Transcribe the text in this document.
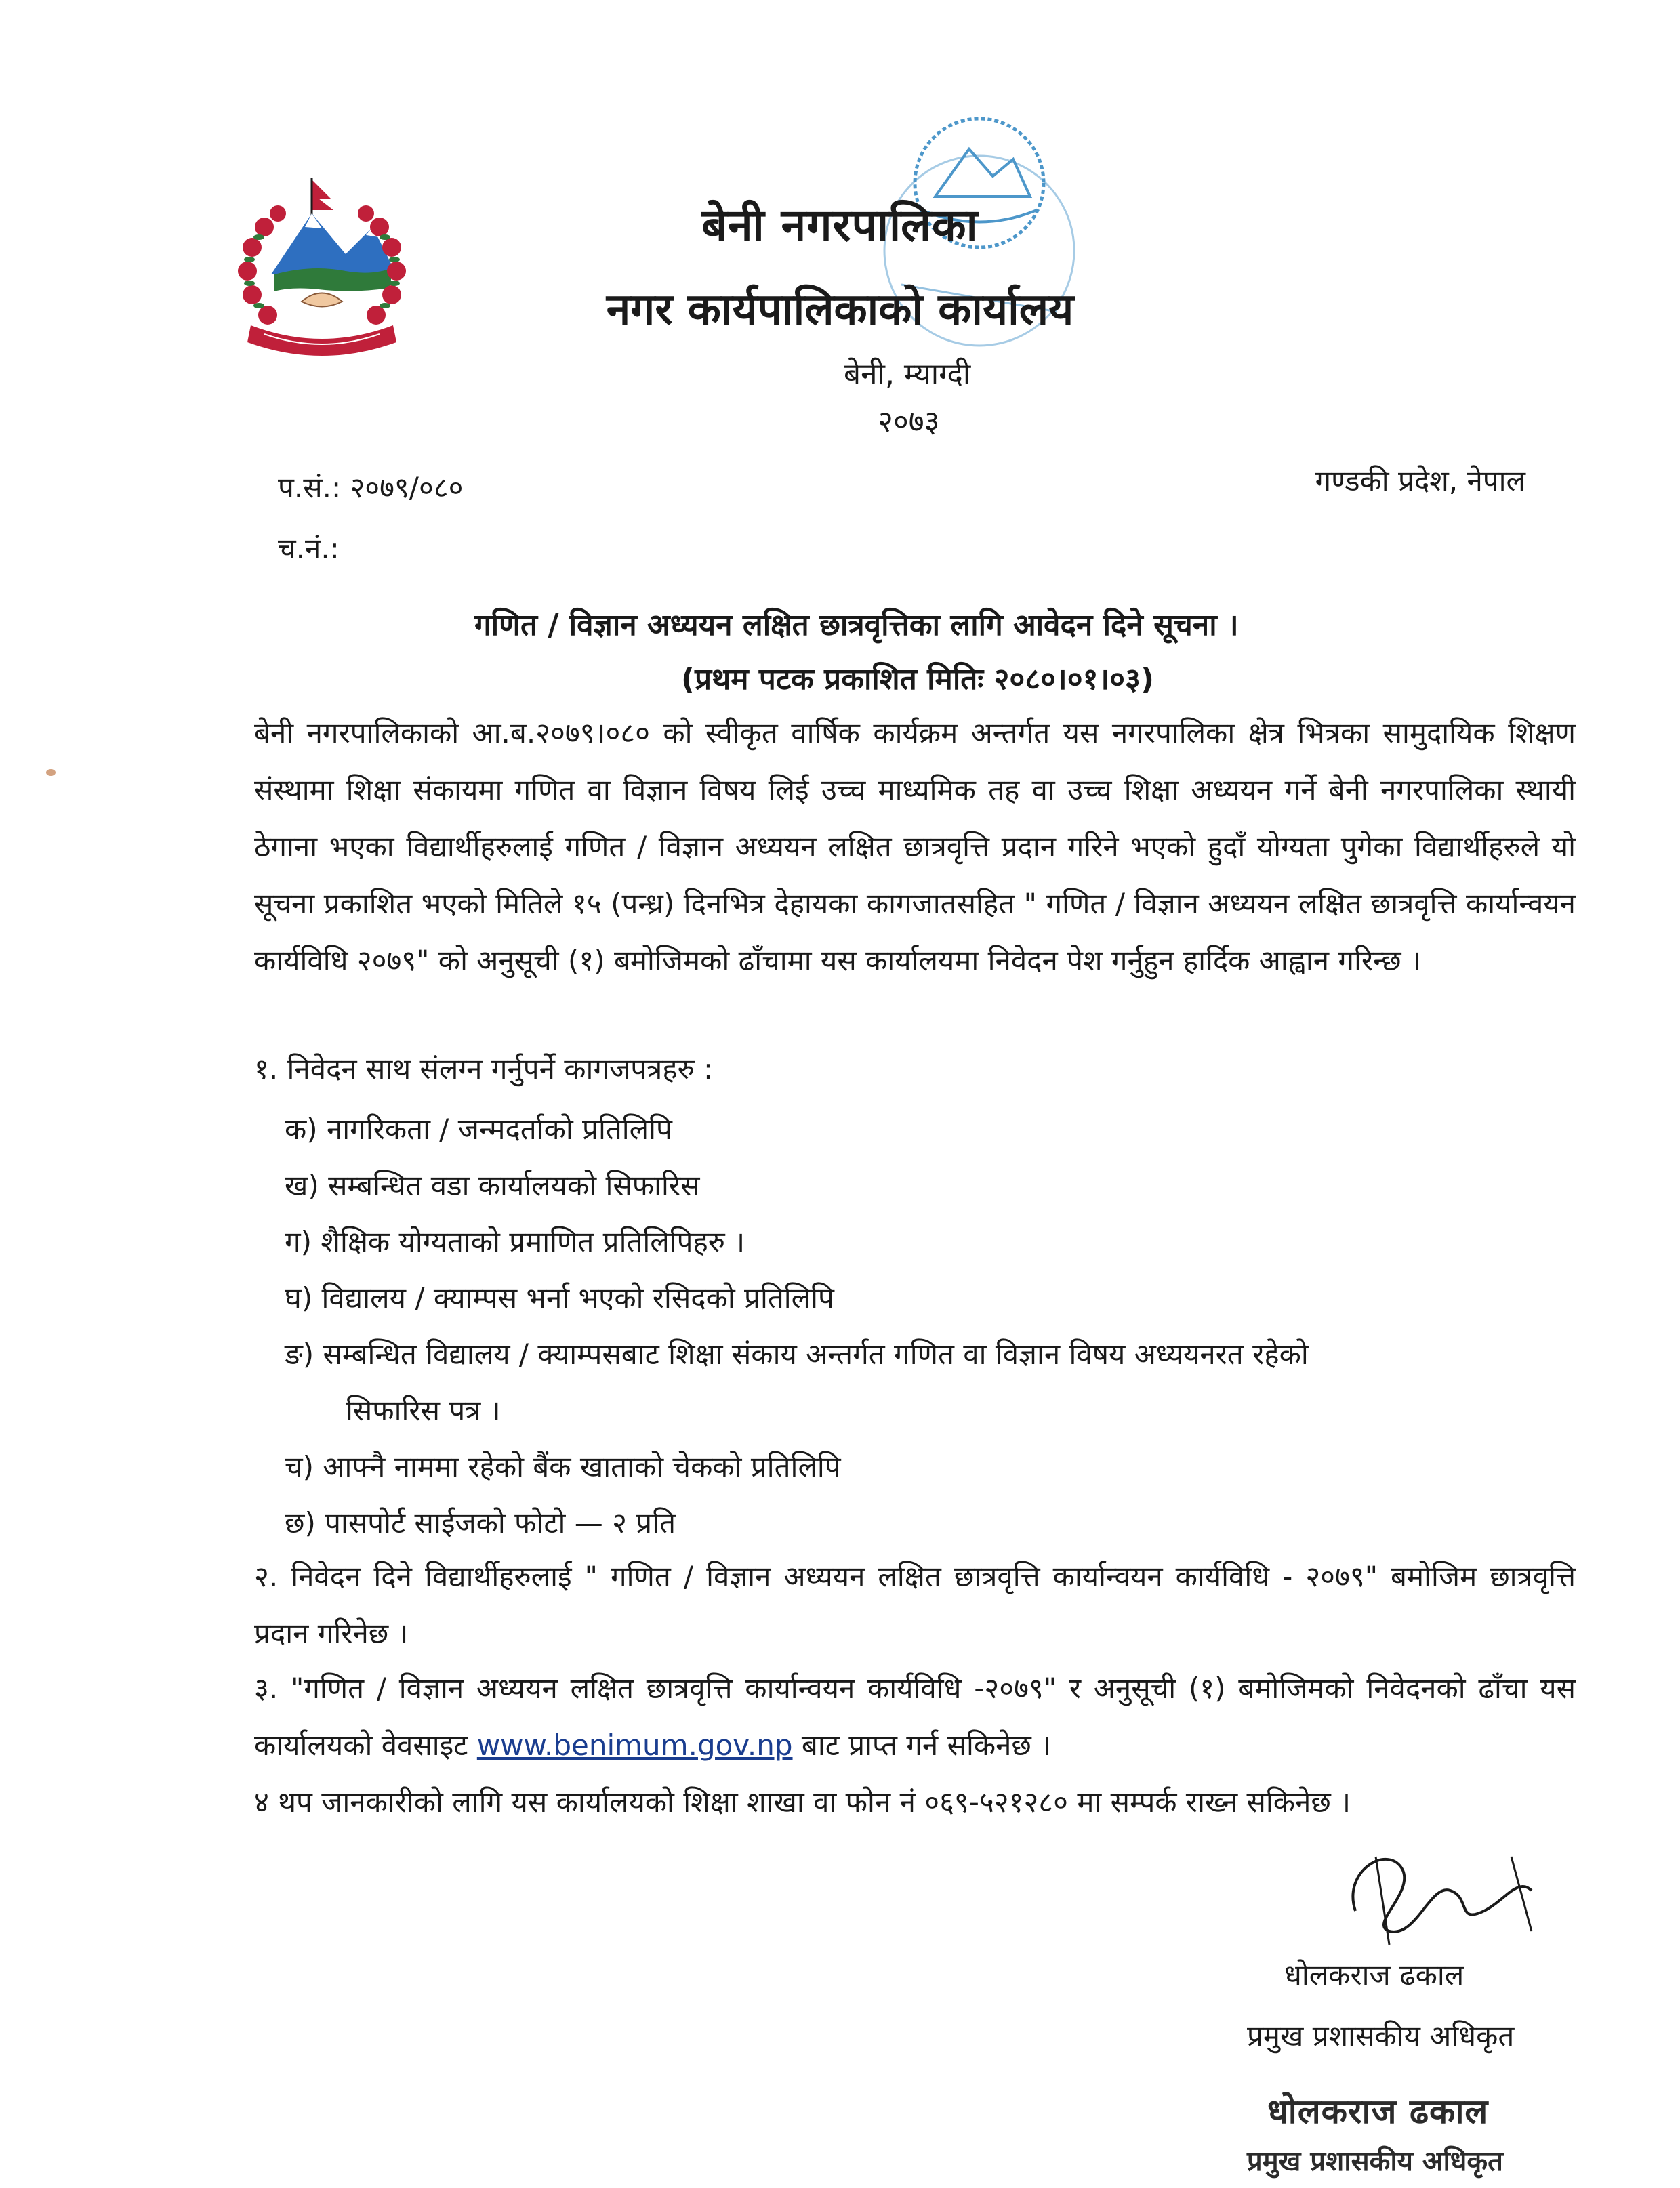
बेनी नगरपालिका
नगर कार्यपालिकाको कार्यालय
बेनी, म्याग्दी
२०७३
प.सं.: २०७९/०८०
च.नं.:
गण्डकी प्रदेश, नेपाल
गणित / विज्ञान अध्ययन लक्षित छात्रवृत्तिका लागि आवेदन दिने सूचना ।
(प्रथम पटक प्रकाशित मितिः २०८०।०१।०३)
बेनी नगरपालिकाको आ.ब.२०७९।०८० को स्वीकृत वार्षिक कार्यक्रम अन्तर्गत यस नगरपालिका क्षेत्र भित्रका सामुदायिक शिक्षण संस्थामा शिक्षा संकायमा गणित वा विज्ञान विषय लिई उच्च माध्यमिक तह वा उच्च शिक्षा अध्ययन गर्ने बेनी नगरपालिका स्थायी ठेगाना भएका विद्यार्थीहरुलाई गणित / विज्ञान अध्ययन लक्षित छात्रवृत्ति प्रदान गरिने भएको हुदाँ योग्यता पुगेका विद्यार्थीहरुले यो सूचना प्रकाशित भएको मितिले १५ (पन्ध्र) दिनभित्र देहायका कागजातसहित " गणित / विज्ञान अध्ययन लक्षित छात्रवृत्ति कार्यान्वयन कार्यविधि २०७९" को अनुसूची (१) बमोजिमको ढाँचामा यस कार्यालयमा निवेदन पेश गर्नुहुन हार्दिक आह्वान गरिन्छ ।
१. निवेदन साथ संलग्न गर्नुपर्ने कागजपत्रहरु :
क) नागरिकता / जन्मदर्ताको प्रतिलिपि
ख) सम्बन्धित वडा कार्यालयको सिफारिस
ग) शैक्षिक योग्यताको प्रमाणित प्रतिलिपिहरु ।
घ) विद्यालय / क्याम्पस भर्ना भएको रसिदको प्रतिलिपि
ङ) सम्बन्धित विद्यालय / क्याम्पसबाट शिक्षा संकाय अन्तर्गत गणित वा विज्ञान विषय अध्ययनरत रहेको
सिफारिस पत्र ।
च) आफ्नै नाममा रहेको बैंक खाताको चेकको प्रतिलिपि
छ) पासपोर्ट साईजको फोटो — २ प्रति
२. निवेदन दिने विद्यार्थीहरुलाई " गणित / विज्ञान अध्ययन लक्षित छात्रवृत्ति कार्यान्वयन कार्यविधि - २०७९" बमोजिम छात्रवृत्ति प्रदान गरिनेछ ।
३. "गणित / विज्ञान अध्ययन लक्षित छात्रवृत्ति कार्यान्वयन कार्यविधि -२०७९" र अनुसूची (१) बमोजिमको निवेदनको ढाँचा यस कार्यालयको वेवसाइट www.benimum.gov.np बाट प्राप्त गर्न सकिनेछ ।
४ थप जानकारीको लागि यस कार्यालयको शिक्षा शाखा वा फोन नं ०६९-५२१२८० मा सम्पर्क राख्न सकिनेछ ।
धोलकराज ढकाल
प्रमुख प्रशासकीय अधिकृत
धोलकराज ढकाल
प्रमुख प्रशासकीय अधिकृत
